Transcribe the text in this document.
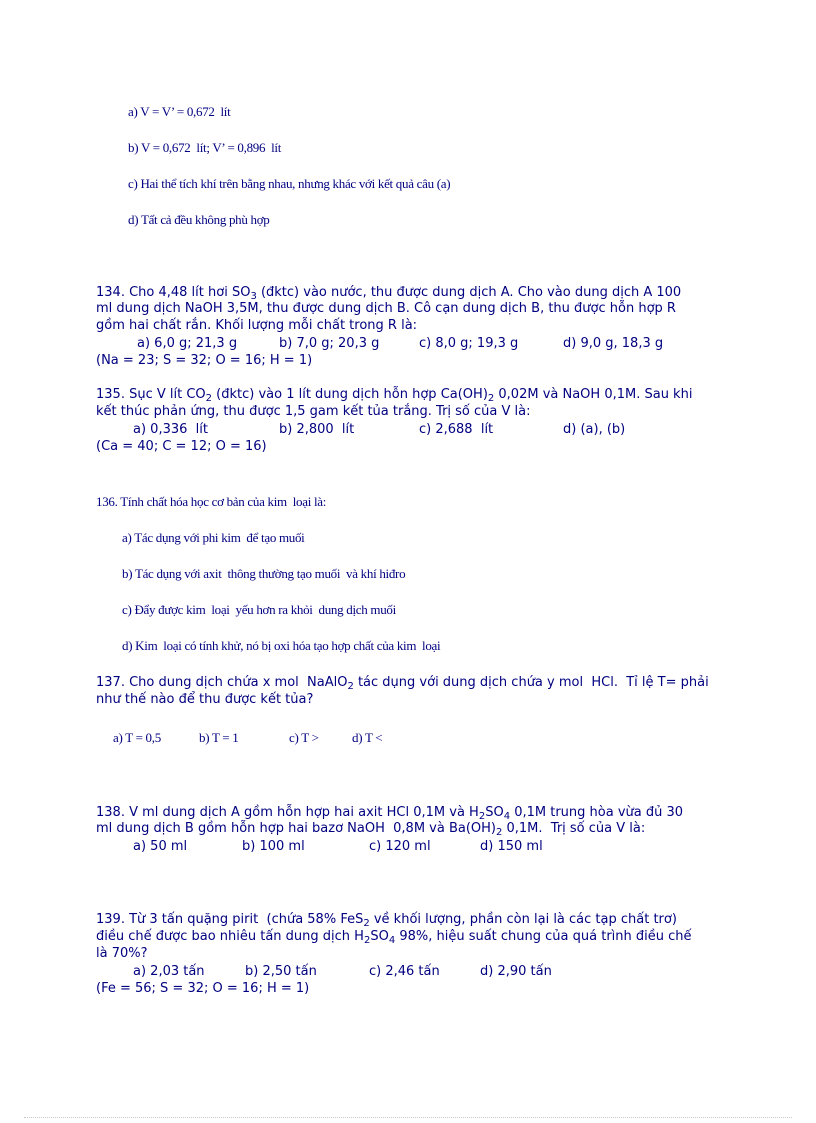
a) V = V’ = 0,672  lít
b) V = 0,672  lít; V’ = 0,896  lít
c) Hai thể tích khí trên bằng nhau, nhưng khác với kết quả câu (a)
d) Tất cả đều không phù hợp
134. Cho 4,48 lít hơi $SO_3$ (đktc) vào nước, thu được dung dịch A. Cho vào dung dịch A 100
ml dung dịch NaOH 3,5M, thu được dung dịch B. Cô cạn dung dịch B, thu được hỗn hợp R
gồm hai chất rắn. Khối lượng mỗi chất trong R là:
a) 6,0 g; 21,3 g	b) 7,0 g; 20,3 g	c) 8,0 g; 19,3 g	d) 9,0 g, 18,3 g
(Na = 23; S = 32; O = 16; H = 1)
135. Sục V lít $CO_2$ (đktc) vào 1 lít dung dịch hỗn hợp $Ca(OH)_2$ 0,02M và NaOH 0,1M. Sau khi
kết thúc phản ứng, thu được 1,5 gam kết tủa trắng. Trị số của V là:
a) 0,336  lít	b) 2,800  lít	c) 2,688  lít	d) (a), (b)
(Ca = 40; C = 12; O = 16)
136. Tính chất hóa học cơ bản của kim  loại là:
a) Tác dụng với phi kim  để tạo muối
b) Tác dụng với axit  thông thường tạo muối  và khí hiđro
c) Đẩy được kim  loại  yếu hơn ra khỏi  dung dịch muối
d) Kim  loại có tính khử, nó bị oxi hóa tạo hợp chất của kim  loại
137. Cho dung dịch chứa x mol  NaAlO$_2$ tác dụng với dung dịch chứa y mol  HCl.  Tỉ lệ T= phải
như thế nào để thu được kết tủa?
a) T = 0,5	b) T = 1	c) T >	d) T <
138. V ml dung dịch A gồm hỗn hợp hai axit HCl 0,1M và $H_2SO_4$ 0,1M trung hòa vừa đủ 30
ml dung dịch B gồm hỗn hợp hai bazơ NaOH  0,8M và $Ba(OH)_2$ 0,1M.  Trị số của V là:
a) 50 ml	b) 100 ml	c) 120 ml	d) 150 ml
139. Từ 3 tấn quặng pirit  (chứa 58% FeS$_2$ về khối lượng, phần còn lại là các tạp chất trơ)
điều chế được bao nhiêu tấn dung dịch $H_2SO_4$ 98%, hiệu suất chung của quá trình điều chế
là 70%?
a) 2,03 tấn	b) 2,50 tấn	c) 2,46 tấn	d) 2,90 tấn
(Fe = 56; S = 32; O = 16; H = 1)
